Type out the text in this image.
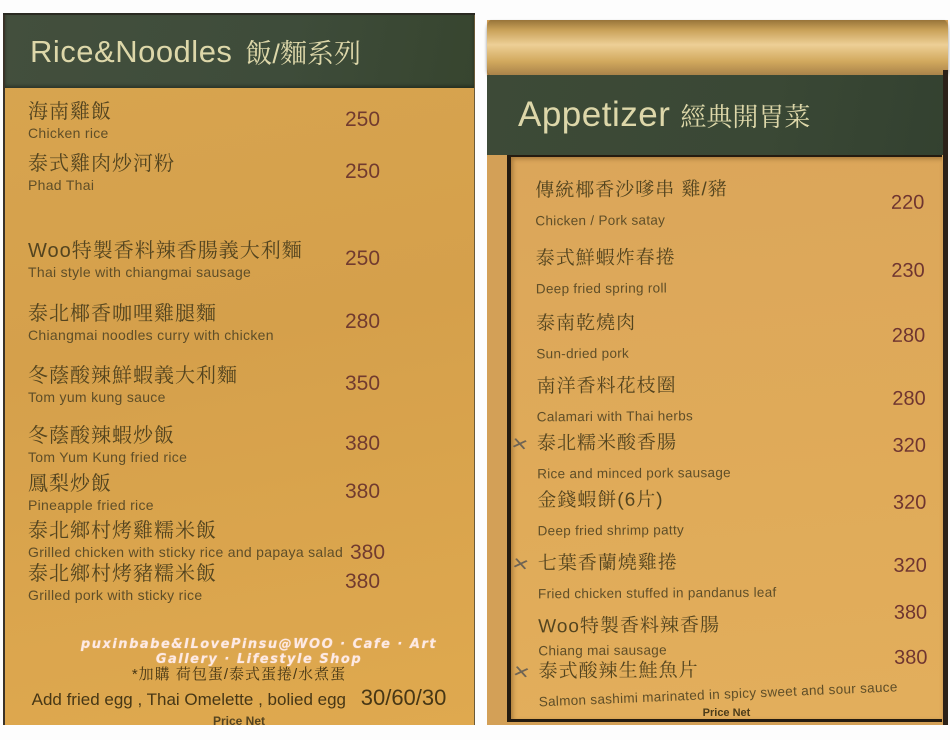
Rice&Noodles 飯/麵系列
海南雞飯
Chicken rice
250
泰式雞肉炒河粉
Phad Thai
250
Woo特製香料辣香腸義大利麵
Thai style with chiangmai sausage
250
泰北椰香咖哩雞腿麵
Chiangmai noodles curry with chicken
280
冬蔭酸辣鮮蝦義大利麵
Tom yum kung sauce
350
冬蔭酸辣蝦炒飯
Tom Yum Kung fried rice
380
鳳梨炒飯
Pineapple fried rice
380
泰北鄉村烤雞糯米飯
Grilled chicken with sticky rice and papaya salad 380
泰北鄉村烤豬糯米飯
Grilled pork with sticky rice
380
puxinbabe&ILovePinsu@WOO · Cafe · Art Gallery · Lifestyle Shop
*加購 荷包蛋/泰式蛋捲/水煮蛋
Add fried egg , Thai Omelette , bolied egg 30/60/30
Price Net
Appetizer 經典開胃菜
傳統椰香沙嗲串 雞/豬
Chicken / Pork satay
220
泰式鮮蝦炸春捲
Deep fried spring roll
230
泰南乾燒肉
Sun-dried pork
280
南洋香料花枝圈
Calamari with Thai herbs
280
✕ 泰北糯米酸香腸
Rice and minced pork sausage
320
金錢蝦餅(6片)
Deep fried shrimp patty
320
✕ 七葉香蘭燒雞捲
Fried chicken stuffed in pandanus leaf
320
Woo特製香料辣香腸
Chiang mai sausage
380
✕ 泰式酸辣生鮭魚片
Salmon sashimi marinated in spicy sweet and sour sauce
380
Price Net
